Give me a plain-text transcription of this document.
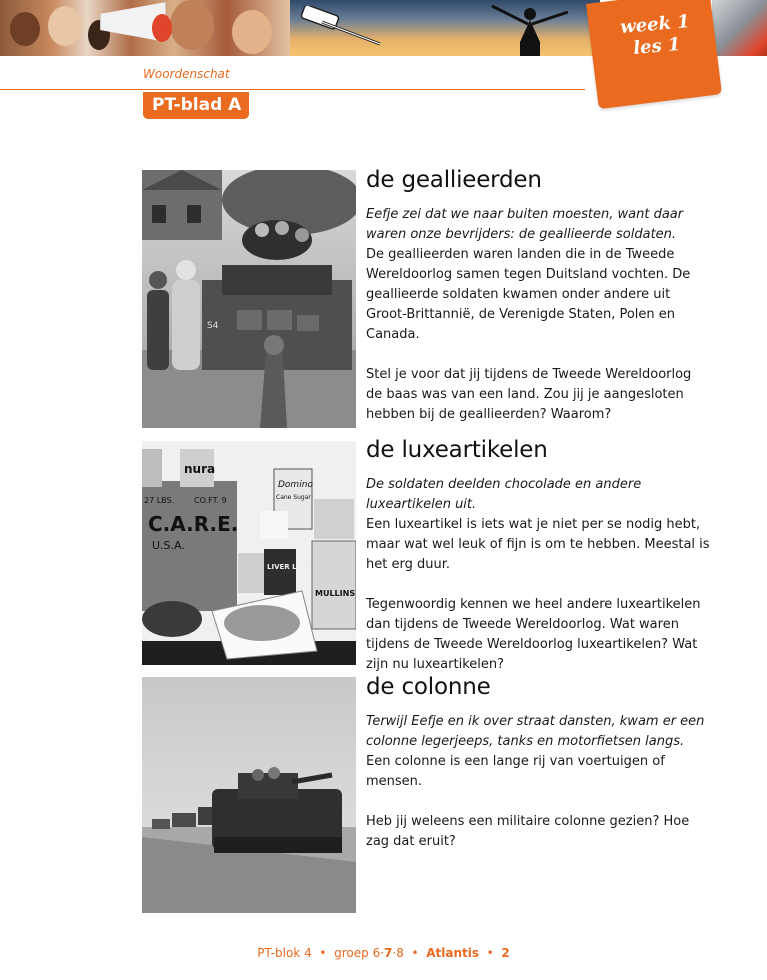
week 1
les 1
Woordenschat
PT-blad A
S4
de geallieerden

Eefje zei dat we naar buiten moesten, want daar waren onze bevrijders: de geallieerde soldaten.

De geallieerden waren landen die in de Tweede Wereldoorlog samen tegen Duitsland vochten. De geallieerde soldaten kwamen onder andere uit Groot-Brittannië, de Verenigde Staten, Polen en Canada.

Stel je voor dat jij tijdens de Tweede Wereldoorlog de baas was van een land. Zou jij je aangesloten hebben bij de geallieerden? Waarom?

C.A.R.E.
U.S.A.
CO.FT. 9
27 LBS.
nura
Domino
Cane Sugar
LIVER LOAF
MULLINS
de luxeartikelen

De soldaten deelden chocolade en andere luxeartikelen uit.

Een luxeartikel is iets wat je niet per se nodig hebt, maar wat wel leuk of fijn is om te hebben. Meestal is het erg duur.

Tegenwoordig kennen we heel andere luxeartikelen dan tijdens de Tweede Wereldoorlog. Wat waren tijdens de Tweede Wereldoorlog luxeartikelen? Wat zijn nu luxeartikelen?

de colonne

Terwijl Eefje en ik over straat dansten, kwam er een colonne legerjeeps, tanks en motorfietsen langs.

Een colonne is een lange rij van voertuigen of mensen.

Heb jij weleens een militaire colonne gezien? Hoe zag dat eruit?

PT-blok 4 • groep 6·7·8 • Atlantis • 2
